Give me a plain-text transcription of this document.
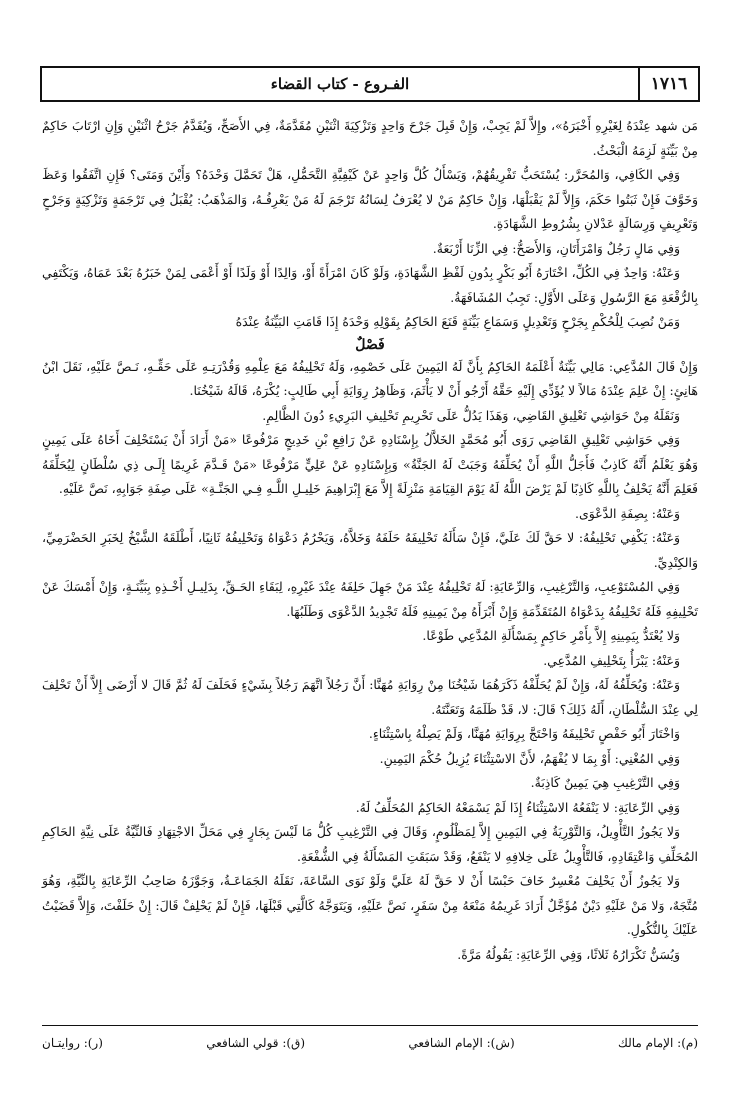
١٧١٦
الفـروع - كتاب القضاء

مَن شهد عِنْدَهُ لِغَيْرِهِ أَخْبَرَهُ»، وإِلاَّ لَمْ يَجِبْ، وَإِنْ قَبِلَ جَرْحَ وَاحِدٍ وَتَزْكِيَةَ اثْنَيْنِ مُقَدَّمَةٌ، فِي الأَصَحِّ، وَيُقَدَّمُ جَرْحُ اثْنَيْنِ وَإِنِ ارْتَابَ حَاكِمٌ مِنْ بَيِّنَةٍ لَزِمَهُ الْبَحْثُ.

وَفِي الكَافِي، وَالمُحَرَّر: يُسْتَحَبُّ تَفْرِيقُهُمْ، وَيَسْأَلُ كُلَّ وَاحِدٍ عَنْ كَيْفِيَّةِ التَّحَمُّلِ، هَلْ تَحَمَّلَ وَحْدَهُ؟ وَأَيْنَ وَمَتَى؟ فَإِنِ اتَّفَقُوا وَعَظَ وَخَوَّفَ فَإِنْ ثَبَتُوا حَكَمَ، وَإِلاَّ لَمْ يَقْبَلْهَا، وَإِنْ حَاكِمٌ مَنْ لا يُعْرَفُ لِسَانُهُ تَرْجَمَ لَهُ مَنْ يَعْرِفُـهُ، وَالمَذْهَبُ: يُقْبَلُ فِي تَرْجَمَةٍ وَتَزْكِيَةٍ وَجَرْحٍ وَتَعْرِيفٍ وَرِسَالَةٍ عَدْلانِ بِشُرُوطِ الشَّهَادَةِ.

وَفِي مَالٍ رَجُلٌ وَامْرَأَتَانِ، وَالأَصَحُّ: فِي الزِّنَا أَرْبَعَةٌ.

وَعَنْهُ: وَاحِدٌ فِي الكُلِّ، اخْتَارَهُ أَبُو بَكْرٍ بِدُونِ لَفْظِ الشَّهَادَةِ، وَلَوْ كَانَ امْرَأَةً أَوْ، وَالِدًا أَوْ وَلَدًا أَوْ أَعْمَى لِمَنْ خَبَرُهُ بَعْدَ عَمَاهُ، وَيَكْتَفِي بِالرُّقْعَةِ مَعَ الرَّسُولِ وَعَلَى الأَوَّلِ: تَجِبُ المُشَافَهَةُ.

وَمَنْ نُصِبَ لِلْحُكْمِ بِجَرْحٍ وَتَعْدِيلٍ وَسَمَاعِ بَيِّنَةٍ قَنَعَ الحَاكِمُ بِقَوْلِهِ وَحْدَهُ إِذَا قَامَتِ البَيِّنَةُ عِنْدَهُ

فَصْلٌ

وَإِنْ قَالَ المُدَّعِي: مَالِي بَيِّنَةٌ أَعْلَمَهُ الحَاكِمُ بِأَنَّ لَهُ اليَمِينَ عَلَى خَصْمِهِ، وَلَهُ تَحْلِيفُهُ مَعَ عِلْمِهِ وَقُدْرَتِـهِ عَلَى حَقِّـهِ، نَـصَّ عَلَيْهِ، نَقَلَ ابْنُ هَانِئٍ: إِنْ عَلِمَ عِنْدَهُ مَالاً لا يُؤَدِّي إِلَيْهِ حَقَّهُ أَرْجُو أَنْ لا يَأْثَمَ، وَظَاهِرُ رِوَايَةِ أَبِي طَالِبٍ: يُكْرَهُ، قَالَهُ شَيْخُنَا.

وَنَقَلَهُ مِنْ حَوَاشِي تَعْلِيقِ القَاضِي، وَهَذَا يَدُلُّ عَلَى تَحْرِيمِ تَحْلِيفِ البَرِيءِ دُونَ الظَّالِمِ.

وَفِي حَوَاشِي تَعْلِيقِ القَاضِي رَوَى أَبُو مُحَمَّدٍ الخَلاَّلُ بِإِسْنَادِهِ عَنْ رَافِعِ بْنِ خَدِيجٍ مَرْفُوعًا «مَنْ أَرَادَ أَنْ يَسْتَحْلِفَ أَخَاهُ عَلَى يَمِينٍ وَهُوَ يَعْلَمُ أَنَّهُ كَاذِبٌ فَأَجَلُّ اللَّهِ أَنْ يُحَلِّفَهُ وَجَبَتْ لَهُ الجَنَّةُ» وَبِإِسْنَادِهِ عَنْ عَلِيٍّ مَرْفُوعًا «مَنْ قَـدَّمَ غَرِيمًا إِلَـى ذِي سُلْطَانٍ لِيُحَلِّفَهُ فَعَلِمَ أَنَّهُ يَحْلِفُ بِاللَّهِ كَاذِبًا لَمْ يَرْضَ اللَّهُ لَهُ يَوْمَ القِيَامَةِ مَنْزِلَةً إِلاَّ مَعَ إِبْرَاهِيمَ خَلِيـلِ اللَّـهِ فِـي الجَنَّـةِ» عَلَى صِفَةِ جَوَابِهِ، نَصَّ عَلَيْهِ.

وَعَنْهُ: بِصِفَةِ الدَّعْوَى.

وَعَنْهُ: يَكْفِي تَحْلِيفُهُ: لا حَقَّ لَكَ عَلَيَّ، فَإِنْ سَأَلَهُ تَحْلِيفَهُ حَلَفَهُ وَخَلاَّهُ، وَيَحْرُمُ دَعْوَاهُ وَتَحْلِيفُهُ ثَانِيًا، أَطْلَقَهُ الشَّيْخُ لِخَبَرِ الحَضْرَمِيِّ، وَالكِنْدِيِّ.

وَفِي المُسْتَوْعِبِ، وَالتَّرْغِيبِ، وَالرِّعَايَةِ: لَهُ تَحْلِيفُهُ عِنْدَ مَنْ جَهِلَ حَلِفَهُ عِنْدَ غَيْرِهِ، لِبَقَاءِ الحَـقِّ، بِدَلِيـلِ أَخْـذِهِ بِبَيِّنَـةٍ، وَإِنْ أَمْسَكَ عَنْ تَحْلِيفِهِ فَلَهُ تَحْلِيفُهُ بِدَعْوَاهُ المُتَقَدِّمَةِ وَإِنْ أَبْرَأَهُ مِنْ يَمِينِهِ فَلَهُ تَجْدِيدُ الدَّعْوَى وَطَلَبُهَا.

وَلا يُعْتَدُّ بِيَمِينِهِ إِلاَّ بِأَمْرِ حَاكِمٍ بِمَسْأَلَةِ المُدَّعِي طَوْعًا.

وَعَنْهُ: يَبْرَأُ بِتَحْلِيفِ المُدَّعِي.

وَعَنْهُ: وَيُحَلِّفُهُ لَهُ، وَإِنْ لَمْ يُحَلِّفْهُ ذَكَرَهُمَا شَيْخُنَا مِنْ رِوَايَةِ مُهَنَّا: أَنَّ رَجُلاً اتَّهَمَ رَجُلاً بِشَيْءٍ فَحَلَفَ لَهُ ثُمَّ قَالَ لا أَرْضَى إِلاَّ أَنْ تَحْلِفَ لِي عِنْدَ السُّلْطَانِ، أَلَهُ ذَلِكَ؟ قَالَ: لا، قَدْ ظَلَمَهُ وَتَعَنَّتَهُ.

وَاخْتَارَ أَبُو حَفْصٍ تَحْلِيفَهُ وَاحْتَجَّ بِرِوَايَةِ مُهَنَّا، وَلَمْ يَصِلْهُ بِاسْتِثْنَاءٍ.

وَفِي المُغْنِي: أَوْ بِمَا لا يُفْهَمُ، لأَنَّ الاسْتِثْنَاءَ يُزِيلُ حُكْمَ اليَمِينِ.

وَفِي التَّرْغِيبِ هِيَ يَمِينٌ كَاذِبَةٌ.

وَفِي الرِّعَايَةِ: لا يَنْفَعُهُ الاسْتِثْنَاءُ إِذَا لَمْ يَسْمَعْهُ الحَاكِمُ المُحَلِّفُ لَهُ.

وَلا يَجُوزُ التَّأْوِيلُ، وَالتَّوْرِيَةُ فِي اليَمِينِ إِلاَّ لِمَظْلُومٍ، وَقَالَ فِي التَّرْغِيبِ كُلُّ مَا لَيْسَ بِجَارٍ فِي مَحَلِّ الاجْتِهَادِ فَالنِّيَّةُ عَلَى نِيَّةِ الحَاكِمِ المُحَلِّفِ وَاعْتِقَادِهِ، فَالتَّأْوِيلُ عَلَى خِلافِهِ لا يَنْفَعُ، وَقَدْ سَبَقَتِ المَسْأَلَةُ فِي الشُّفْعَةِ.

وَلا يَجُوزُ أَنْ يَحْلِفَ مُعْسِرٌ خَافَ حَبْسًا أَنْ لا حَقَّ لَهُ عَلَيَّ وَلَوْ نَوَى السَّاعَةَ، نَقَلَهُ الجَمَاعَـةُ، وَجَوَّزَهُ صَاحِبُ الرِّعَايَةِ بِالنِّيَّةِ، وَهُوَ مُتَّجَهٌ، وَلا مَنْ عَلَيْهِ دَيْنٌ مُؤَجَّلٌ أَرَادَ غَرِيمُهُ مَنْعَهُ مِنْ سَفَرٍ، نَصَّ عَلَيْهِ، وَيَتَوَجَّهُ كَالَّتِي قَبْلَهَا، فَإِنْ لَمْ يَحْلِفْ قَالَ: إِنْ حَلَفْتَ، وَإِلاَّ قَضَيْتُ عَلَيْكَ بِالنُّكُولِ.

وَيُسَنُّ تَكْرَارُهُ ثَلاثًا، وَفِي الرِّعَايَةِ: يَقُولُهُ مَرَّةً.

(م): الإمام مالك
(ش): الإمام الشافعي
(ق): قولي الشافعي
(ر): روايتـان
